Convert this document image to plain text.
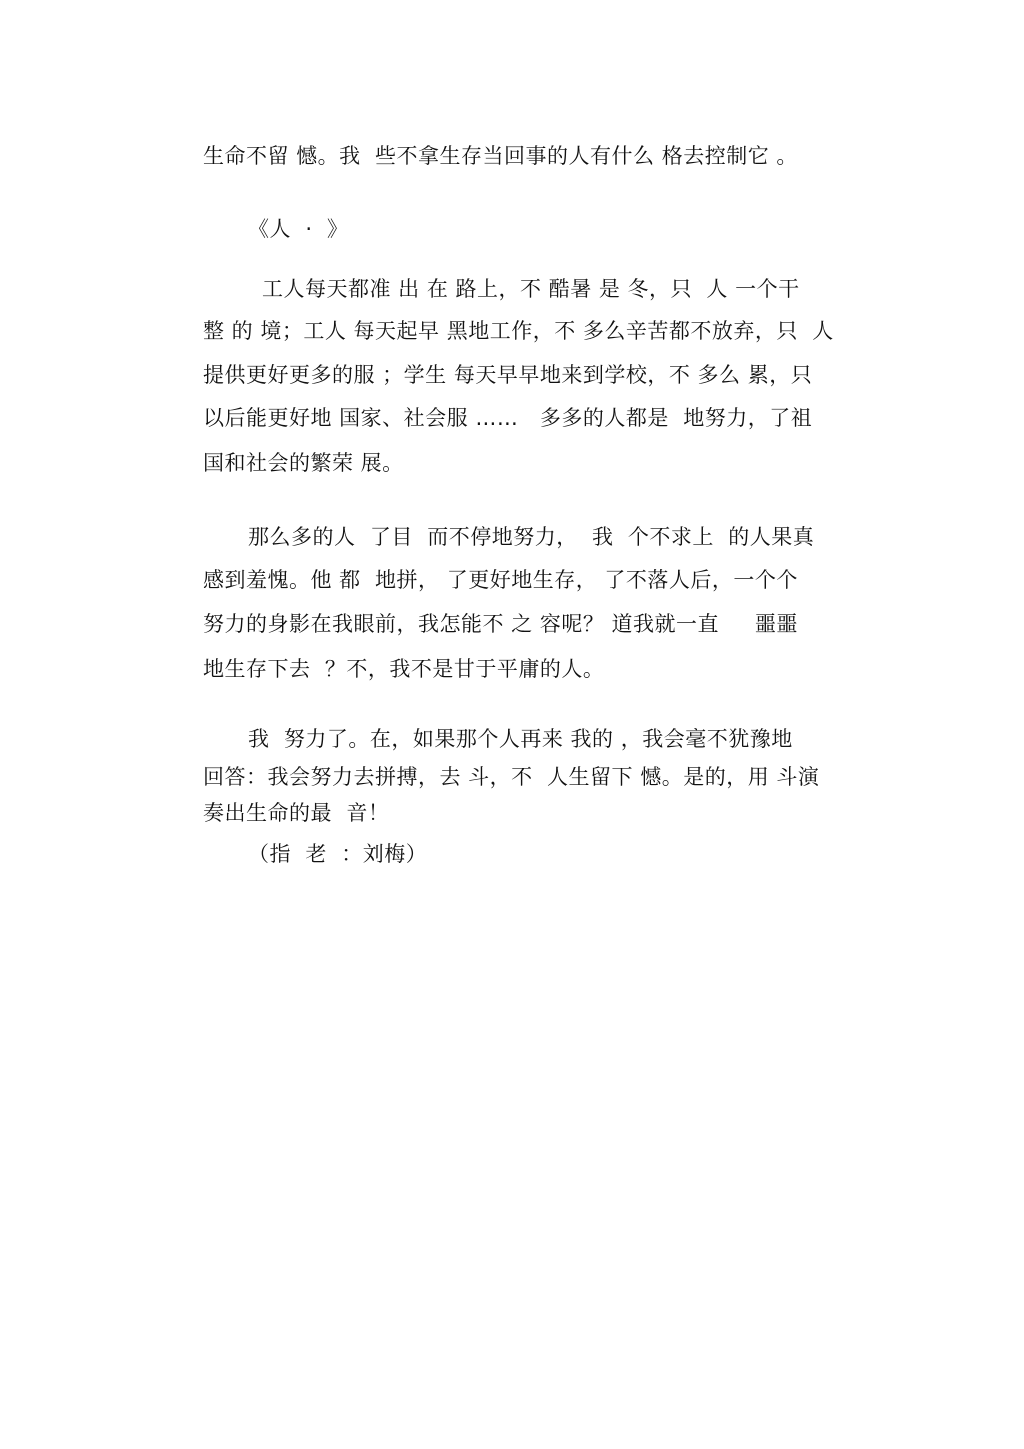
生命不留 憾。我  些不拿生存当回事的人有什么 格去控制它 。
《人  ·  》
工人每天都准 出 在 路上，不 酷暑 是 冬，只  人 一个干
整 的 境；工人 每天起早 黑地工作，不 多么辛苦都不放弃，只  人
提供更好更多的服 ；学生 每天早早地来到学校，不 多么 累，只
以后能更好地 国家、社会服 ……   多多的人都是  地努力，了祖
国和社会的繁荣 展。
那么多的人  了目  而不停地努力，  我  个不求上  的人果真
感到羞愧。他 都  地拼， 了更好地生存， 了不落人后，一个个
努力的身影在我眼前，我怎能不 之 容呢？ 道我就一直     噩噩
地生存下去  ？不，我不是甘于平庸的人。
我  努力了。在，如果那个人再来 我的 ，我会毫不犹豫地
回答：我会努力去拼搏，去 斗，不  人生留下 憾。是的，用 斗演
奏出生命的最  音！
（指  老  ：刘梅）
